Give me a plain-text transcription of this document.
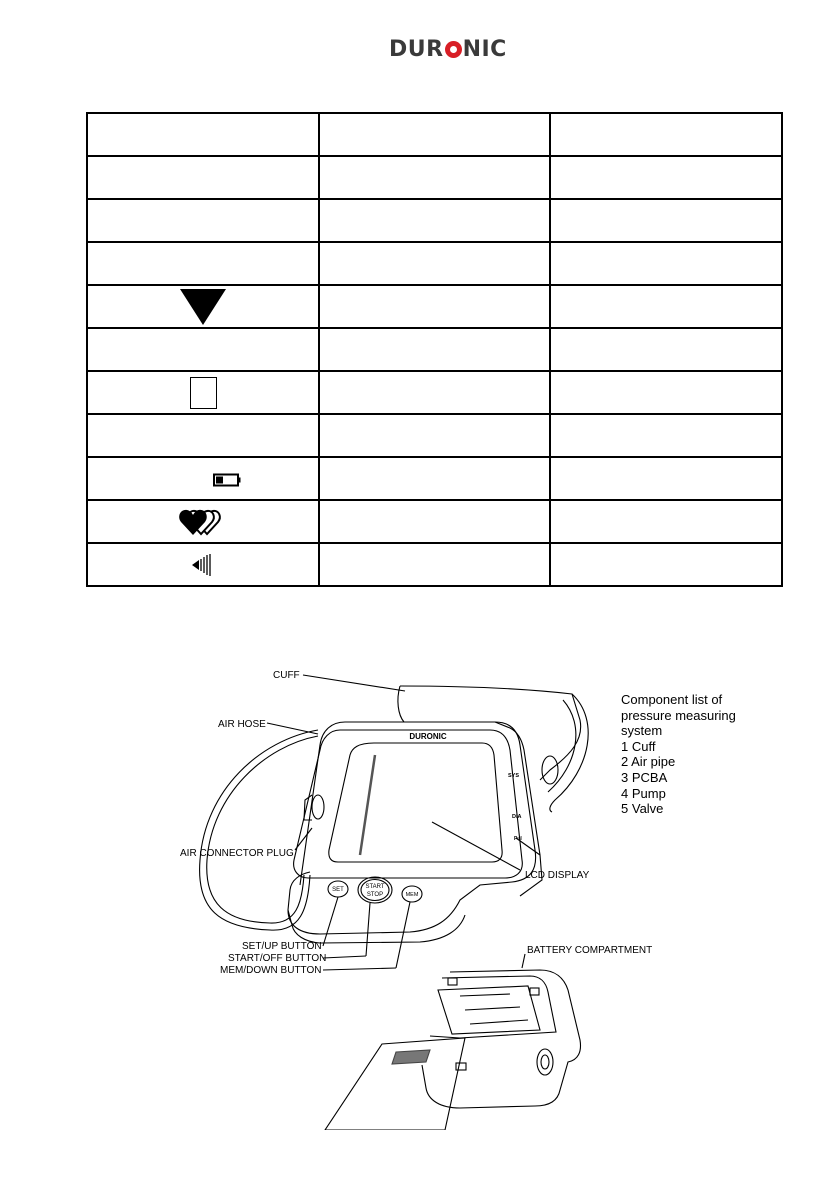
DUR NIC

DURONIC
SYS
DIA
Pul
SET	START
STOP	MEM
CUFF
AIR HOSE
AIR CONNECTOR PLUG
LCD DISPLAY
SET/UP BUTTON
START/OFF BUTTON
MEM/DOWN BUTTON
BATTERY COMPARTMENT
Component list of
pressure measuring
system
1 Cuff
2 Air pipe
3 PCBA
4 Pump
5 Valve
